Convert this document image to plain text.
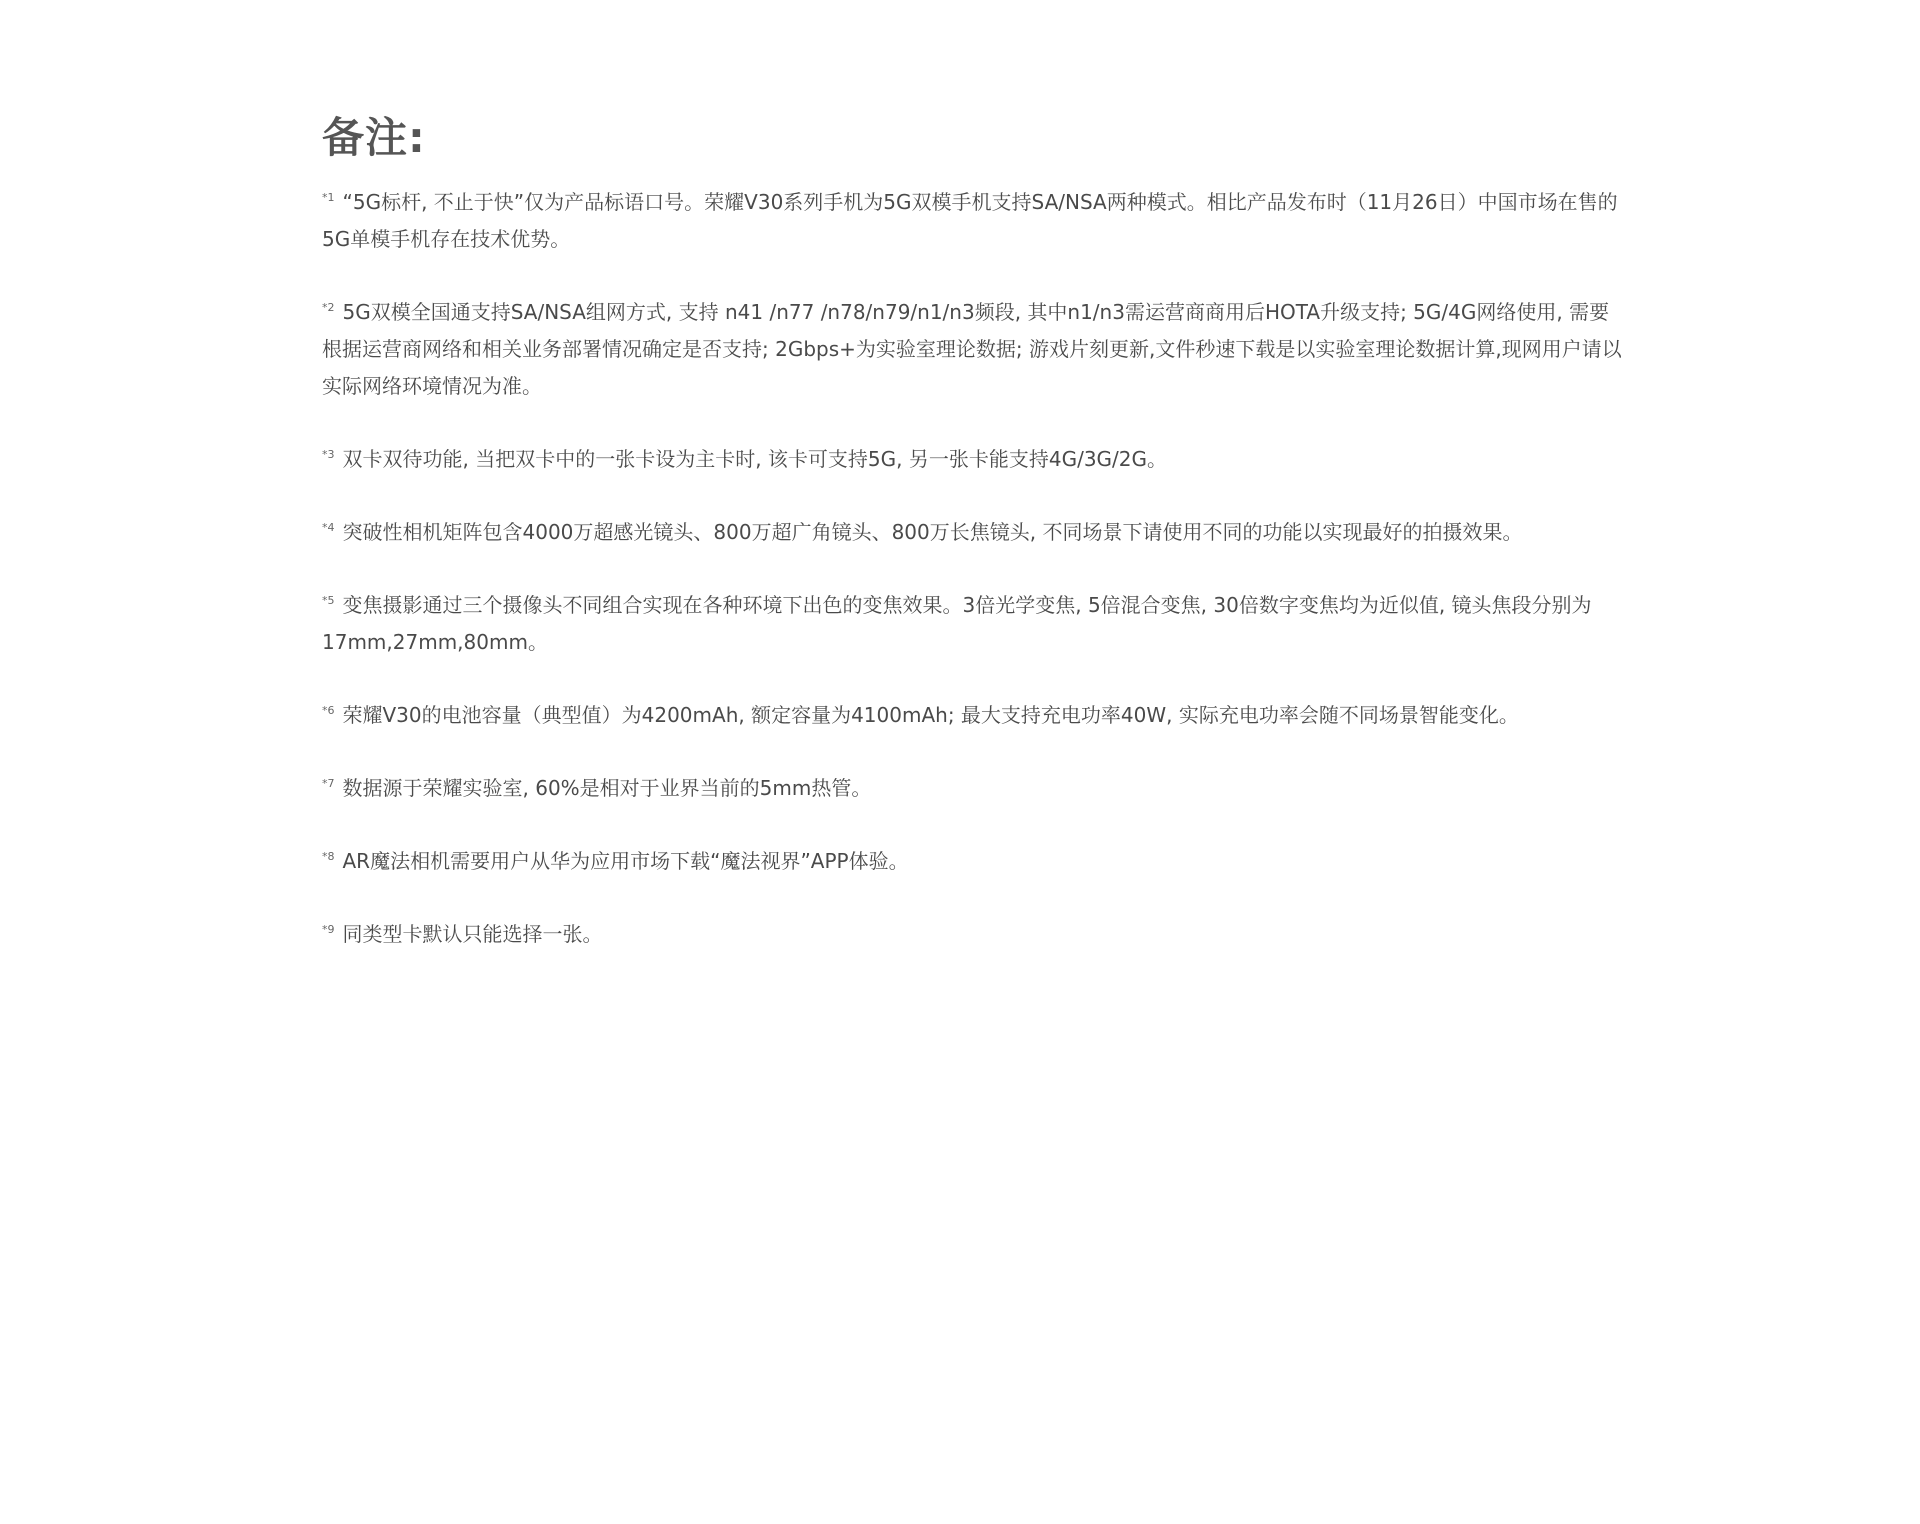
备注:

$^{*1}$ “5G标杆, 不止于快”仅为产品标语口号。荣耀V30系列手机为5G双模手机支持SA/NSA两种模式。相比产品发布时（11月26日）中国市场在售的5G单模手机存在技术优势。

$^{*2}$ 5G双模全国通支持SA/NSA组网方式, 支持 n41 /n77 /n78/n79/n1/n3频段, 其中n1/n3需运营商商用后HOTA升级支持; 5G/4G网络使用, 需要根据运营商网络和相关业务部署情况确定是否支持; 2Gbps+为实验室理论数据; 游戏片刻更新,文件秒速下载是以实验室理论数据计算,现网用户请以实际网络环境情况为准。

$^{*3}$ 双卡双待功能, 当把双卡中的一张卡设为主卡时, 该卡可支持5G, 另一张卡能支持4G/3G/2G。

$^{*4}$ 突破性相机矩阵包含4000万超感光镜头、800万超广角镜头、800万长焦镜头, 不同场景下请使用不同的功能以实现最好的拍摄效果。

$^{*5}$ 变焦摄影通过三个摄像头不同组合实现在各种环境下出色的变焦效果。3倍光学变焦, 5倍混合变焦, 30倍数字变焦均为近似值, 镜头焦段分别为17mm,27mm,80mm。

$^{*6}$ 荣耀V30的电池容量（典型值）为4200mAh, 额定容量为4100mAh; 最大支持充电功率40W, 实际充电功率会随不同场景智能变化。

$^{*7}$ 数据源于荣耀实验室, 60%是相对于业界当前的5mm热管。

$^{*8}$ AR魔法相机需要用户从华为应用市场下载“魔法视界”APP体验。

$^{*9}$ 同类型卡默认只能选择一张。
